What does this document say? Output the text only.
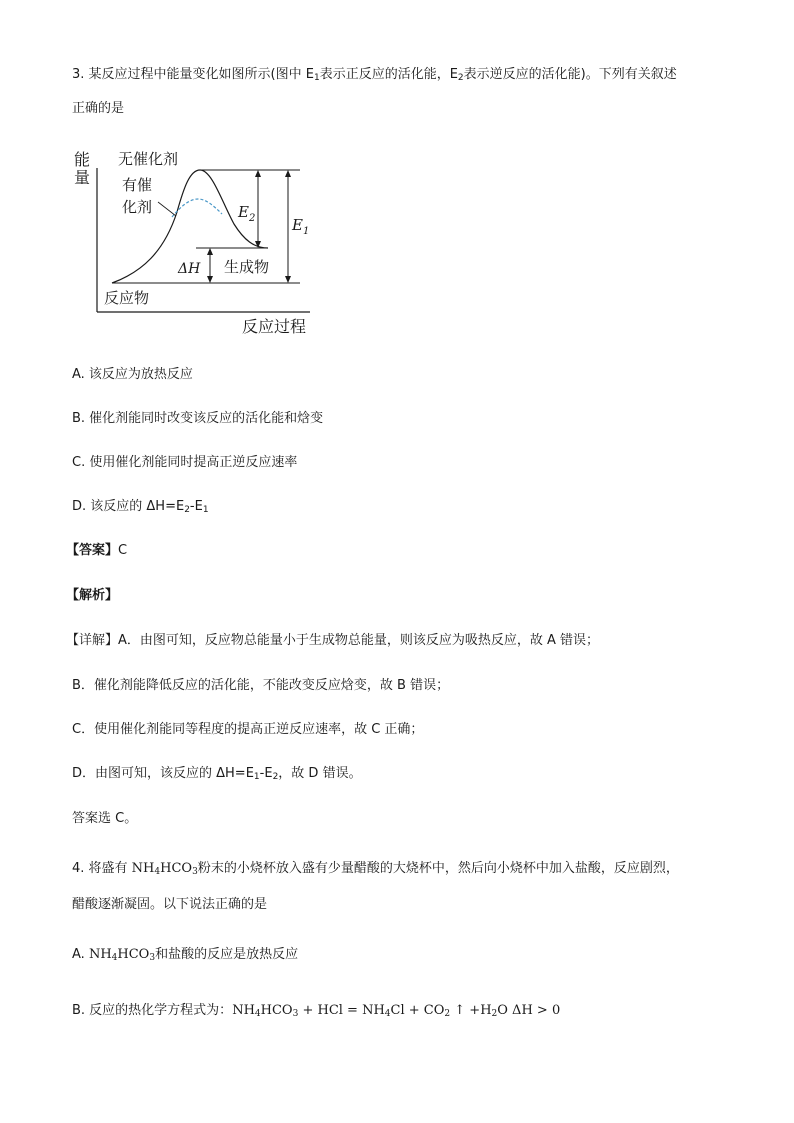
3. 某反应过程中能量变化如图所示(图中 $E_1$表示正反应的活化能，$E_2$表示逆反应的活化能)。下列有关叙述
正确的是
能
量
反应过程
无催化剂
有催
化剂	$E_2$ $E_1$
ΔH 生成物
反应物
A. 该反应为放热反应
B. 催化剂能同时改变该反应的活化能和焓变
C. 使用催化剂能同时提高正逆反应速率
D. 该反应的 $\Delta H=E_2-E_1$
【答案】C
【解析】
【详解】A．由图可知，反应物总能量小于生成物总能量，则该反应为吸热反应，故 A 错误；
B．催化剂能降低反应的活化能，不能改变反应焓变，故 B 错误；
C．使用催化剂能同等程度的提高正逆反应速率，故 C 正确；
D．由图可知，该反应的 $\Delta H=E_1-E_2$，故 D 错误。
答案选 C。
4. 将盛有 $NH_4HCO_3$粉末的小烧杯放入盛有少量醋酸的大烧杯中，然后向小烧杯中加入盐酸，反应剧烈，
醋酸逐渐凝固。以下说法正确的是
A. $NH_4HCO_3$和盐酸的反应是放热反应
B. 反应的热化学方程式为：$NH_4HCO_3$ + HCl = $NH_4Cl + CO_2$ ↑ $+H_2O$ ΔH > 0
